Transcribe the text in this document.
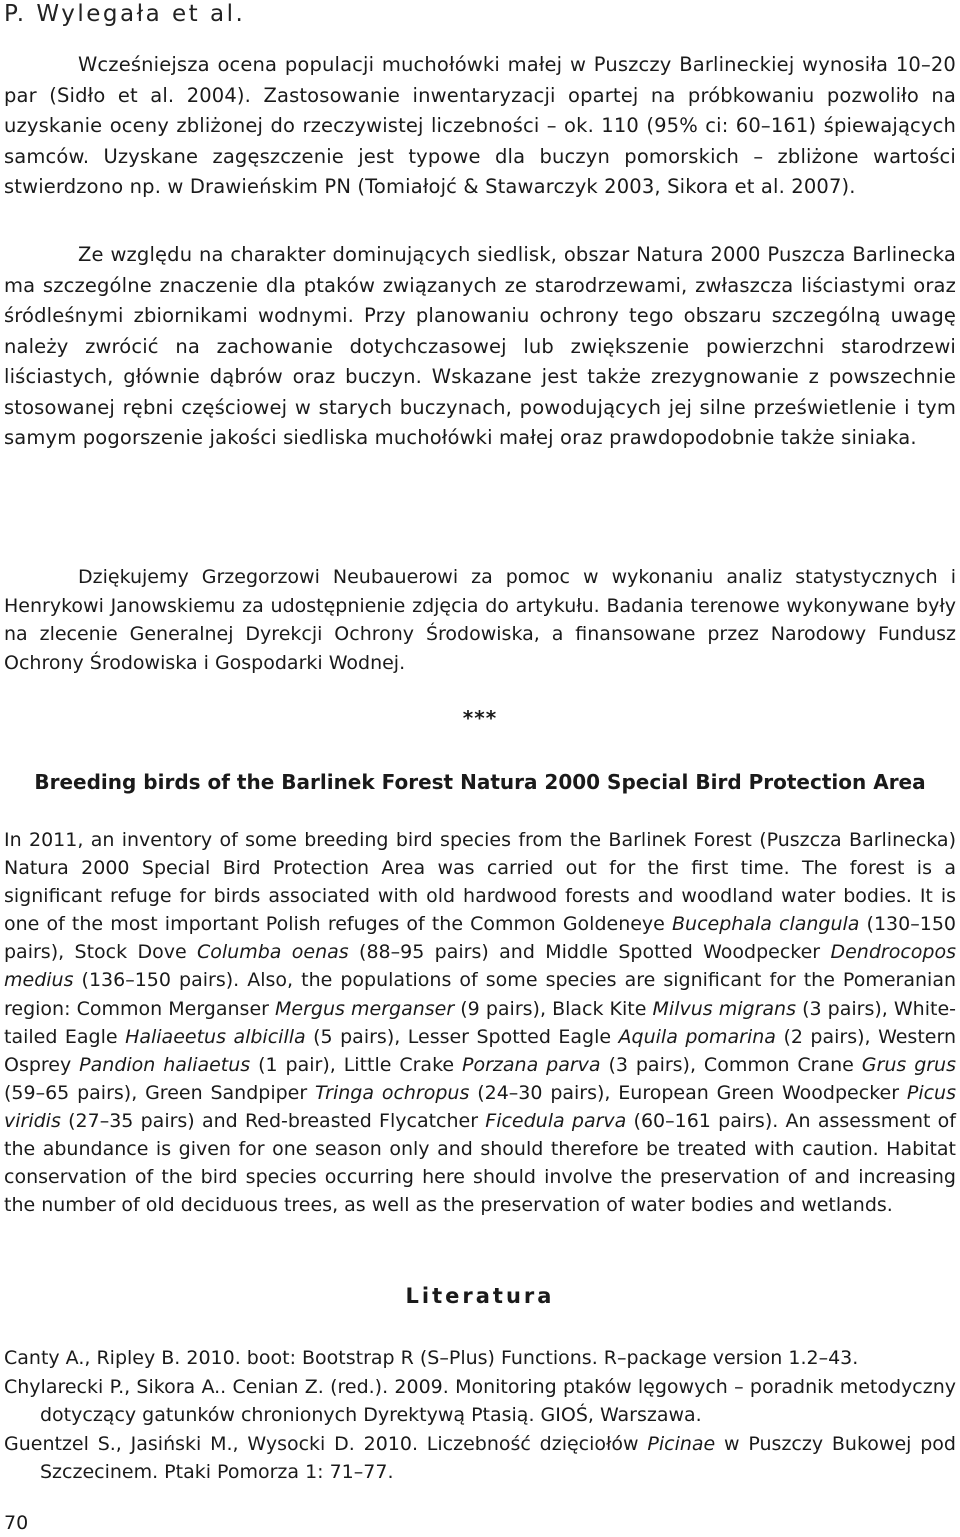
P. Wylegała et al.

Wcześniejsza ocena populacji muchołówki małej w Puszczy Barlineckiej wynosiła 10–20 par (Sidło et al. 2004). Zastosowanie inwentaryzacji opartej na próbkowaniu pozwoliło na uzyskanie oceny zbliżonej do rzeczywistej liczebności – ok. 110 (95% ci: 60–161) śpiewających samców. Uzyskane zagęszczenie jest typowe dla buczyn pomorskich – zbliżone wartości stwierdzono np. w Drawieńskim PN (Tomiałojć & Stawarczyk 2003, Sikora et al. 2007).

Ze względu na charakter dominujących siedlisk, obszar Natura 2000 Puszcza Barlinecka ma szczególne znaczenie dla ptaków związanych ze starodrzewami, zwłaszcza liściastymi oraz śródleśnymi zbiornikami wodnymi. Przy planowaniu ochrony tego obszaru szczególną uwagę należy zwrócić na zachowanie dotychczasowej lub zwiększenie powierzchni starodrzewi liściastych, głównie dąbrów oraz buczyn. Wskazane jest także zrezygnowanie z powszechnie stosowanej rębni częściowej w starych buczynach, powodujących jej silne prześwietlenie i tym samym pogorszenie jakości siedliska muchołówki małej oraz prawdopodobnie także siniaka.

Dziękujemy Grzegorzowi Neubauerowi za pomoc w wykonaniu analiz statystycznych i Henrykowi Janowskiemu za udostępnienie zdjęcia do artykułu. Badania terenowe wykonywane były na zlecenie Generalnej Dyrekcji Ochrony Środowiska, a finansowane przez Narodowy Fundusz Ochrony Środowiska i Gospodarki Wodnej.

***
Breeding birds of the Barlinek Forest Natura 2000 Special Bird Protection Area

In 2011, an inventory of some breeding bird species from the Barlinek Forest (Puszcza Barlinecka) Natura 2000 Special Bird Protection Area was carried out for the first time. The forest is a significant refuge for birds associated with old hardwood forests and woodland water bodies. It is one of the most important Polish refuges of the Common Goldeneye Bucephala clangula (130–150 pairs), Stock Dove Columba oenas (88–95 pairs) and Middle Spotted Woodpecker Dendrocopos medius (136–150 pairs). Also, the populations of some species are significant for the Pomeranian region: Common Merganser Mergus merganser (9 pairs), Black Kite Milvus migrans (3 pairs), White-tailed Eagle Haliaeetus albicilla (5 pairs), Lesser Spotted Eagle Aquila pomarina (2 pairs), Western Osprey Pandion haliaetus (1 pair), Little Crake Porzana parva (3 pairs), Common Crane Grus grus (59–65 pairs), Green Sandpiper Tringa ochropus (24–30 pairs), European Green Woodpecker Picus viridis (27–35 pairs) and Red-breasted Flycatcher Ficedula parva (60–161 pairs). An assessment of the abundance is given for one season only and should therefore be treated with caution. Habitat conservation of the bird species occurring here should involve the preservation of and increasing the number of old deciduous trees, as well as the preservation of water bodies and wetlands.

Literatura
Canty A., Ripley B. 2010. boot: Bootstrap R (S–Plus) Functions. R–package version 1.2–43.
Chylarecki P., Sikora A.. Cenian Z. (red.). 2009. Monitoring ptaków lęgowych – poradnik metodyczny dotyczący gatunków chronionych Dyrektywą Ptasią. GIOŚ, Warszawa.
Guentzel S., Jasiński M., Wysocki D. 2010. Liczebność dzięciołów Picinae w Puszczy Bukowej pod Szczecinem. Ptaki Pomorza 1: 71–77.
70
